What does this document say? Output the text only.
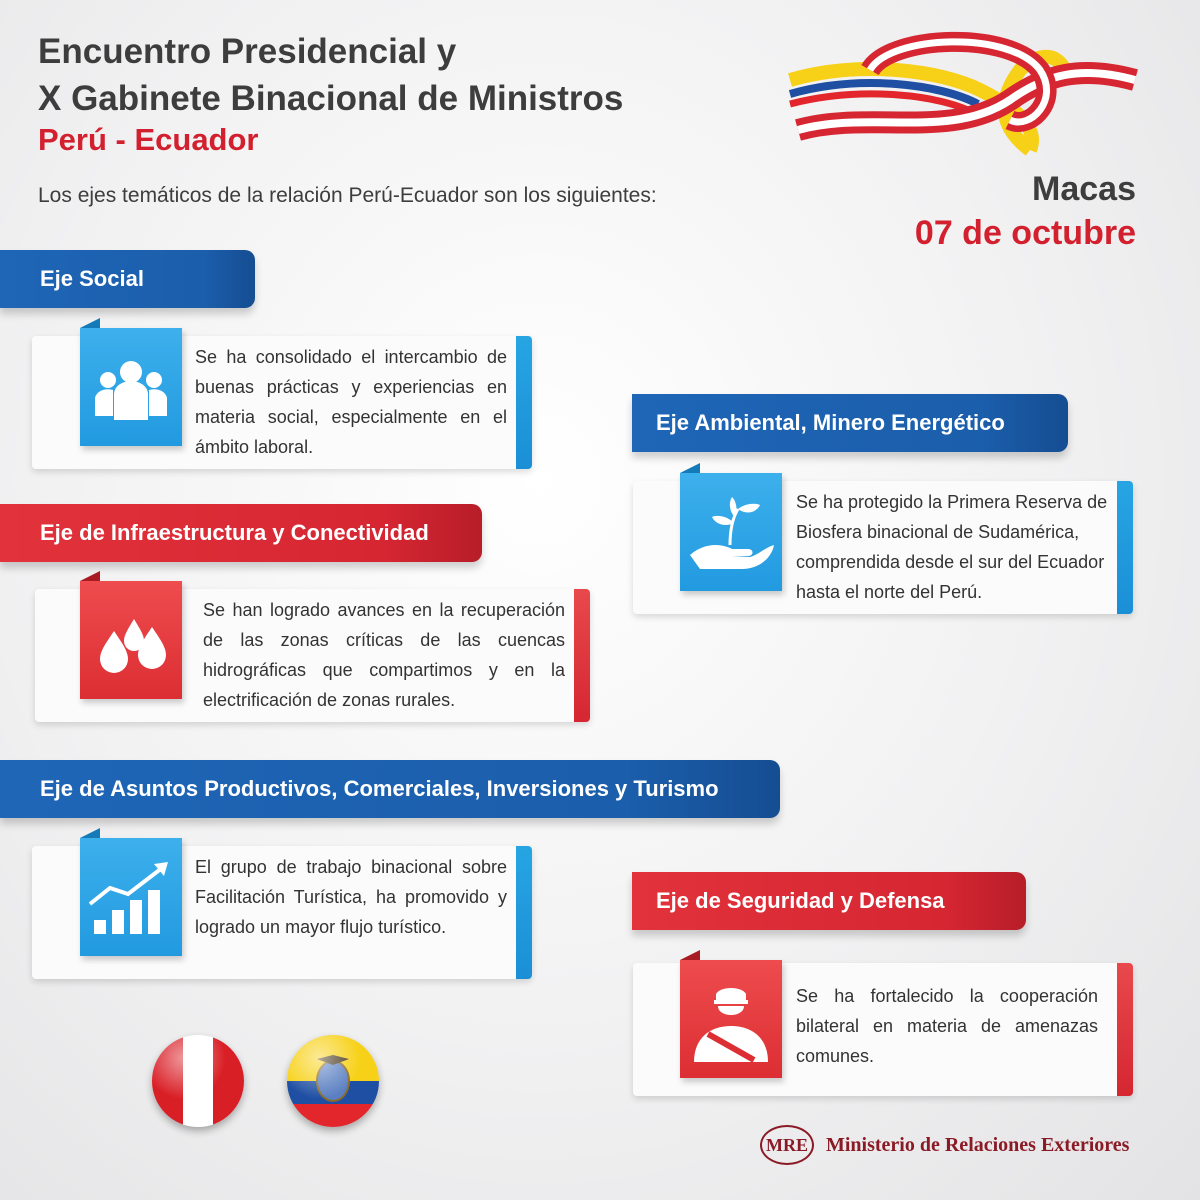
Encuentro Presidencial y
X Gabinete Binacional de Ministros
Perú - Ecuador

Los ejes temáticos de la relación Perú-Ecuador son los siguientes:	Macas
07 de octubre
Eje Social
Se ha consolidado el intercambio de buenas prácticas y experiencias en materia social, especialmente en el ámbito laboral.
Eje Ambiental, Minero Energético
Se ha protegido la Primera Reserva de Biosfera binacional de Sudamérica, comprendida desde el sur del Ecuador hasta el norte del Perú.
Eje de Infraestructura y Conectividad
Se han logrado avances en la recuperación de las zonas críticas de las cuencas hidrográficas que compartimos y en la electrificación de zonas rurales.
Eje de Asuntos Productivos, Comerciales, Inversiones y Turismo
El grupo de trabajo binacional sobre Facilitación Turística, ha promovido y logrado un mayor flujo turístico.
Eje de Seguridad y Defensa
Se ha fortalecido la cooperación bilateral en materia de amenazas comunes.
MRE Ministerio de Relaciones Exteriores
